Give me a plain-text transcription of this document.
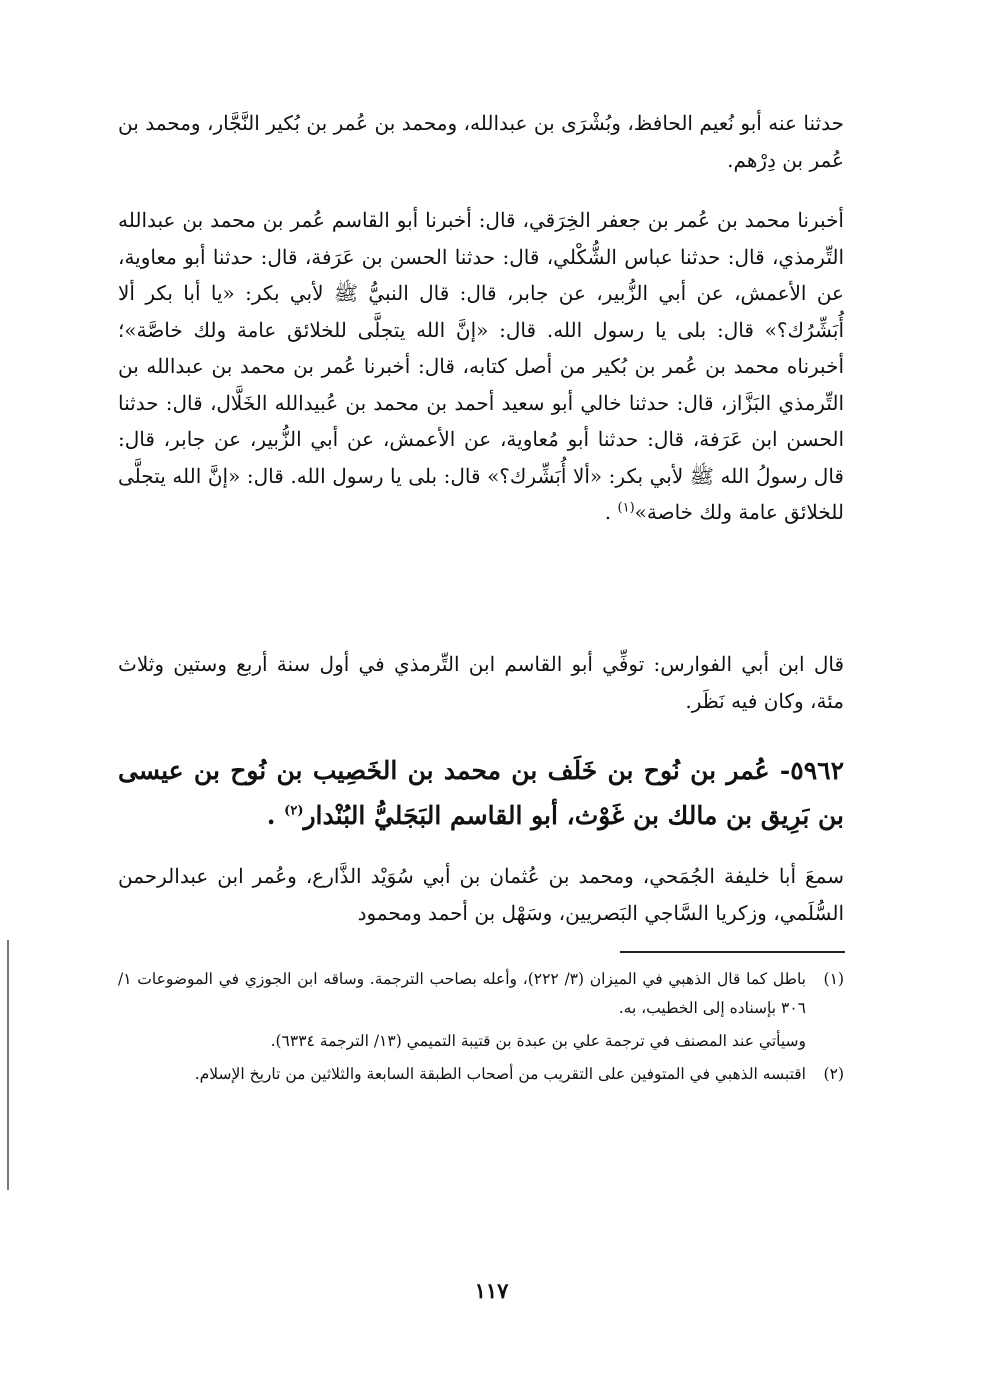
حدثنا عنه أبو نُعيم الحافظ، وبُشْرَى بن عبدالله، ومحمد بن عُمر بن بُكير النَّجَّار، ومحمد بن عُمر بن دِرْهم.

أخبرنا محمد بن عُمر بن جعفر الخِرَقي، قال: أخبرنا أبو القاسم عُمر بن محمد بن عبدالله التِّرمذي، قال: حدثنا عباس الشُّكْلي، قال: حدثنا الحسن بن عَرَفة، قال: حدثنا أبو معاوية، عن الأعمش، عن أبي الزُّبير، عن جابر، قال: قال النبيُّ ﷺ لأبي بكر: «يا أبا بكر ألا أُبَشِّرُك؟» قال: بلى يا رسول الله. قال: «إنَّ الله يتجلَّى للخلائق عامة ولك خاصَّة»؛ أخبرناه محمد بن عُمر بن بُكير من أصل كتابه، قال: أخبرنا عُمر بن محمد بن عبدالله بن التِّرمذي البَزَّاز، قال: حدثنا خالي أبو سعيد أحمد بن محمد بن عُبيدالله الخَلَّال، قال: حدثنا الحسن ابن عَرَفة، قال: حدثنا أبو مُعاوية، عن الأعمش، عن أبي الزُّبير، عن جابر، قال: قال رسولُ الله ﷺ لأبي بكر: «ألا أُبَشِّرك؟» قال: بلى يا رسول الله. قال: «إنَّ الله يتجلَّى للخلائق عامة ولك خاصة»$^{(١)}$ .

قال ابن أبي الفوارس: توفِّي أبو القاسم ابن التِّرمذي في أول سنة أربع وستين وثلاث مئة، وكان فيه نَظَر.

٥٩٦٢- عُمر بن نُوح بن خَلَف بن محمد بن الخَصِيب بن نُوح بن عيسى بن بَرِيق بن مالك بن غَوْث، أبو القاسم البَجَليُّ البُنْدار$^{(٢)}$ .

سمعَ أبا خليفة الجُمَحي، ومحمد بن عُثمان بن أبي سُوَيْد الذَّارع، وعُمر ابن عبدالرحمن السُّلَمي، وزكريا السَّاجي البَصريين، وسَهْل بن أحمد ومحمود

(١)

باطل كما قال الذهبي في الميزان (٣/ ٢٢٢)، وأعله بصاحب الترجمة. وساقه ابن الجوزي في الموضوعات ١/ ٣٠٦ بإسناده إلى الخطيب، به.

وسيأتي عند المصنف في ترجمة علي بن عبدة بن قتيبة التميمي (١٣/ الترجمة ٦٣٣٤).

(٢)

اقتبسه الذهبي في المتوفين على التقريب من أصحاب الطبقة السابعة والثلاثين من تاريخ الإسلام.

١١٧
